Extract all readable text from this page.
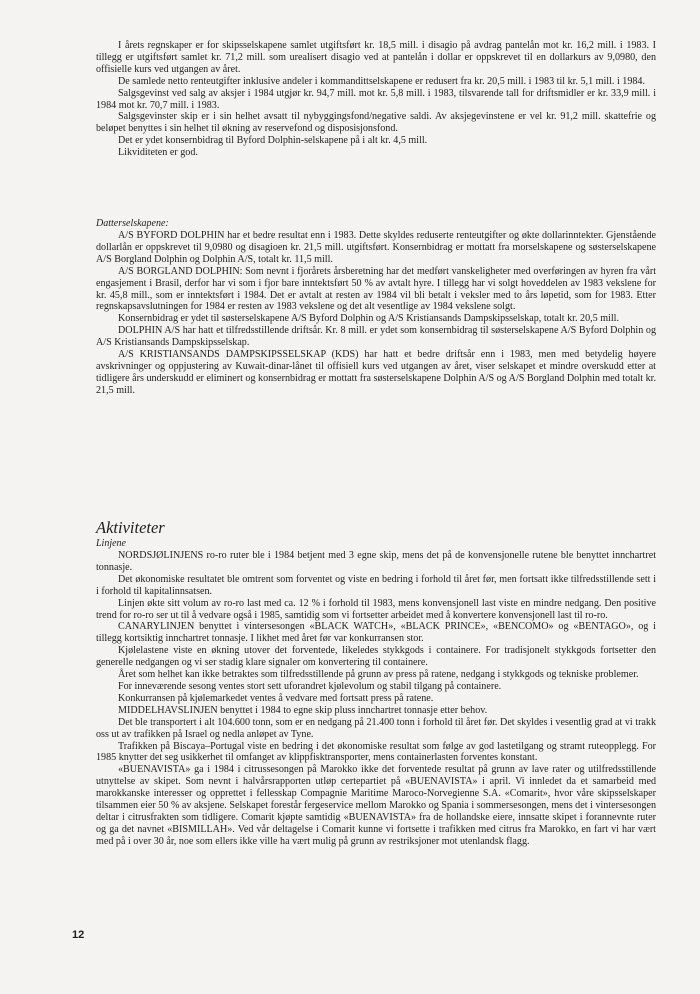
I årets regnskaper er for skipsselskapene samlet utgiftsført kr. 18,5 mill. i disagio på avdrag pantelån mot kr. 16,2 mill. i 1983. I tillegg er utgiftsført samlet kr. 71,2 mill. som urealisert disagio ved at pantelån i dollar er oppskrevet til en dollarkurs av 9,0980, den offisielle kurs ved utgangen av året.

De samlede netto renteutgifter inklusive andeler i kommandittselskapene er redusert fra kr. 20,5 mill. i 1983 til kr. 5,1 mill. i 1984.

Salgsgevinst ved salg av aksjer i 1984 utgjør kr. 94,7 mill. mot kr. 5,8 mill. i 1983, tilsvarende tall for driftsmidler er kr. 33,9 mill. i 1984 mot kr. 70,7 mill. i 1983.

Salgsgevinster skip er i sin helhet avsatt til nybyggingsfond/negative saldi. Av aksjegevinstene er vel kr. 91,2 mill. skattefrie og beløpet benyttes i sin helhet til økning av reservefond og disposisjonsfond.

Det er ydet konsernbidrag til Byford Dolphin-selskapene på i alt kr. 4,5 mill.

Likviditeten er god.

Datterselskapene:

A/S BYFORD DOLPHIN har et bedre resultat enn i 1983. Dette skyldes reduserte renteutgifter og økte dollarinntekter. Gjenstående dollarlån er oppskrevet til 9,0980 og disagioen kr. 21,5 mill. utgiftsført. Konsernbidrag er mottatt fra morselskapene og søsterselskapene A/S Borgland Dolphin og Dolphin A/S, totalt kr. 11,5 mill.

A/S BORGLAND DOLPHIN: Som nevnt i fjorårets årsberetning har det medført vanskeligheter med overføringen av hyren fra vårt engasjement i Brasil, derfor har vi som i fjor bare inntektsført 50 % av avtalt hyre. I tillegg har vi solgt hoveddelen av 1983 vekslene for kr. 45,8 mill., som er inntektsført i 1984. Det er avtalt at resten av 1984 vil bli betalt i veksler med to års løpetid, som for 1983. Etter regnskapsavslutningen for 1984 er resten av 1983 vekslene og det alt vesentlige av 1984 vekslene solgt.

Konsernbidrag er ydet til søsterselskapene A/S Byford Dolphin og A/S Kristiansands Dampskipsselskap, totalt kr. 20,5 mill.

DOLPHIN A/S har hatt et tilfredsstillende driftsår. Kr. 8 mill. er ydet som konsernbidrag til søsterselskapene A/S Byford Dolphin og A/S Kristiansands Dampskipsselskap.

A/S KRISTIANSANDS DAMPSKIPSSELSKAP (KDS) har hatt et bedre driftsår enn i 1983, men med betydelig høyere avskrivninger og oppjustering av Kuwait-dinar-lånet til offisiell kurs ved utgangen av året, viser selskapet et mindre overskudd etter at tidligere års underskudd er eliminert og konsernbidrag er mottatt fra søsterselskapene Dolphin A/S og A/S Borgland Dolphin med totalt kr. 21,5 mill.

Aktiviteter

Linjene

NORDSJØLINJENS ro-ro ruter ble i 1984 betjent med 3 egne skip, mens det på de konvensjonelle rutene ble benyttet innchartret tonnasje.

Det økonomiske resultatet ble omtrent som forventet og viste en bedring i forhold til året før, men fortsatt ikke tilfredsstillende sett i i forhold til kapitalinnsatsen.

Linjen økte sitt volum av ro-ro last med ca. 12 % i forhold til 1983, mens konvensjonell last viste en mindre nedgang. Den positive trend for ro-ro ser ut til å vedvare også i 1985, samtidig som vi fortsetter arbeidet med å konvertere konvensjonell last til ro-ro.

CANARYLINJEN benyttet i vintersesongen «BLACK WATCH», «BLACK PRINCE», «BENCOMO» og «BENTAGO», og i tillegg kortsiktig innchartret tonnasje. I likhet med året før var konkurransen stor.

Kjølelastene viste en økning utover det forventede, likeledes stykkgods i containere. For tradisjonelt stykkgods fortsetter den generelle nedgangen og vi ser stadig klare signaler om konvertering til containere.

Året som helhet kan ikke betraktes som tilfredsstillende på grunn av press på ratene, nedgang i stykkgods og tekniske problemer.

For inneværende sesong ventes stort sett uforandret kjølevolum og stabil tilgang på containere.

Konkurransen på kjølemarkedet ventes å vedvare med fortsatt press på ratene.

MIDDELHAVSLINJEN benyttet i 1984 to egne skip pluss innchartret tonnasje etter behov.

Det ble transportert i alt 104.600 tonn, som er en nedgang på 21.400 tonn i forhold til året før. Det skyldes i vesentlig grad at vi trakk oss ut av trafikken på Israel og nedla anløpet av Tyne.

Trafikken på Biscaya–Portugal viste en bedring i det økonomiske resultat som følge av god lastetilgang og stramt ruteopplegg. For 1985 knytter det seg usikkerhet til omfanget av klippfisktransporter, mens containerlasten forventes konstant.

«BUENAVISTA» ga i 1984 i citrussesongen på Marokko ikke det forventede resultat på grunn av lave rater og utilfredsstillende utnyttelse av skipet. Som nevnt i halvårsrapporten utløp certepartiet på «BUENAVISTA» i april. Vi innledet da et samarbeid med marokkanske interesser og opprettet i fellesskap Compagnie Maritime Maroco-Norvegienne S.A. «Comarit», hvor våre skipsselskaper tilsammen eier 50 % av aksjene. Selskapet forestår fergeservice mellom Marokko og Spania i sommersesongen, mens det i vintersesongen deltar i citrusfrakten som tidligere. Comarit kjøpte samtidig «BUENAVISTA» fra de hollandske eiere, innsatte skipet i forannevnte ruter og ga det navnet «BISMILLAH». Ved vår deltagelse i Comarit kunne vi fortsette i trafikken med citrus fra Marokko, en fart vi har vært med på i over 30 år, noe som ellers ikke ville ha vært mulig på grunn av restriksjoner mot utenlandsk flagg.

12
